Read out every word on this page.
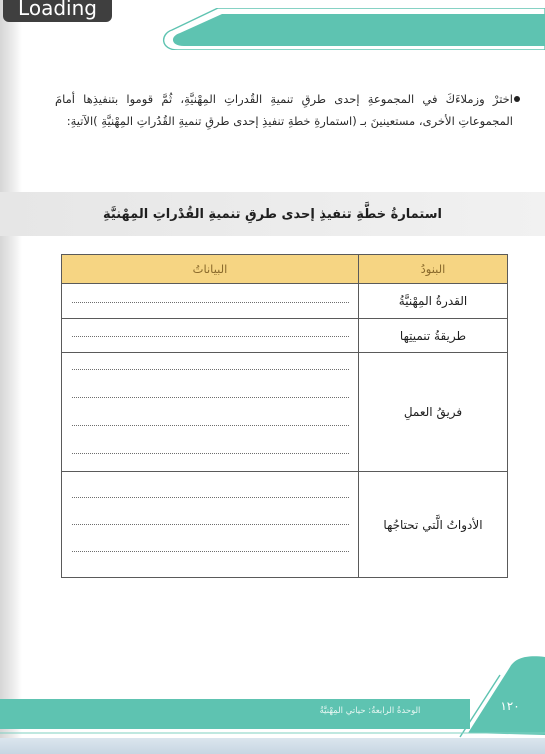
Loading
اخترْ وزملاءَكَ في المجموعةِ إحدى طرقِ تنميةِ القُدراتِ المِهْنيَّةِ، ثُمَّ قوموا بتنفيذِها أمامَ المجموعاتِ الأخرى، مستعينينَ بـ (استمارةِ خطةِ تنفيذِ إحدى طرقِ تنميةِ القُدُراتِ المِهْنيَّةِ )الآتيةِ:
استمارةُ خطَّةِ تنفيذِ إحدى طرقِ تنميةِ القُدْراتِ المِهْنيَّةِ
البنودُ	البياناتُ
القدرةُ المِهْنيَّةُ	

طريقةُ تنميتِها	

فريقُ العملِ	

الأدواتُ الَّتي تحتاجُها	
الوحدةُ الرابعةُ: حياتي المِهْنيَّةُ	١٢٠
